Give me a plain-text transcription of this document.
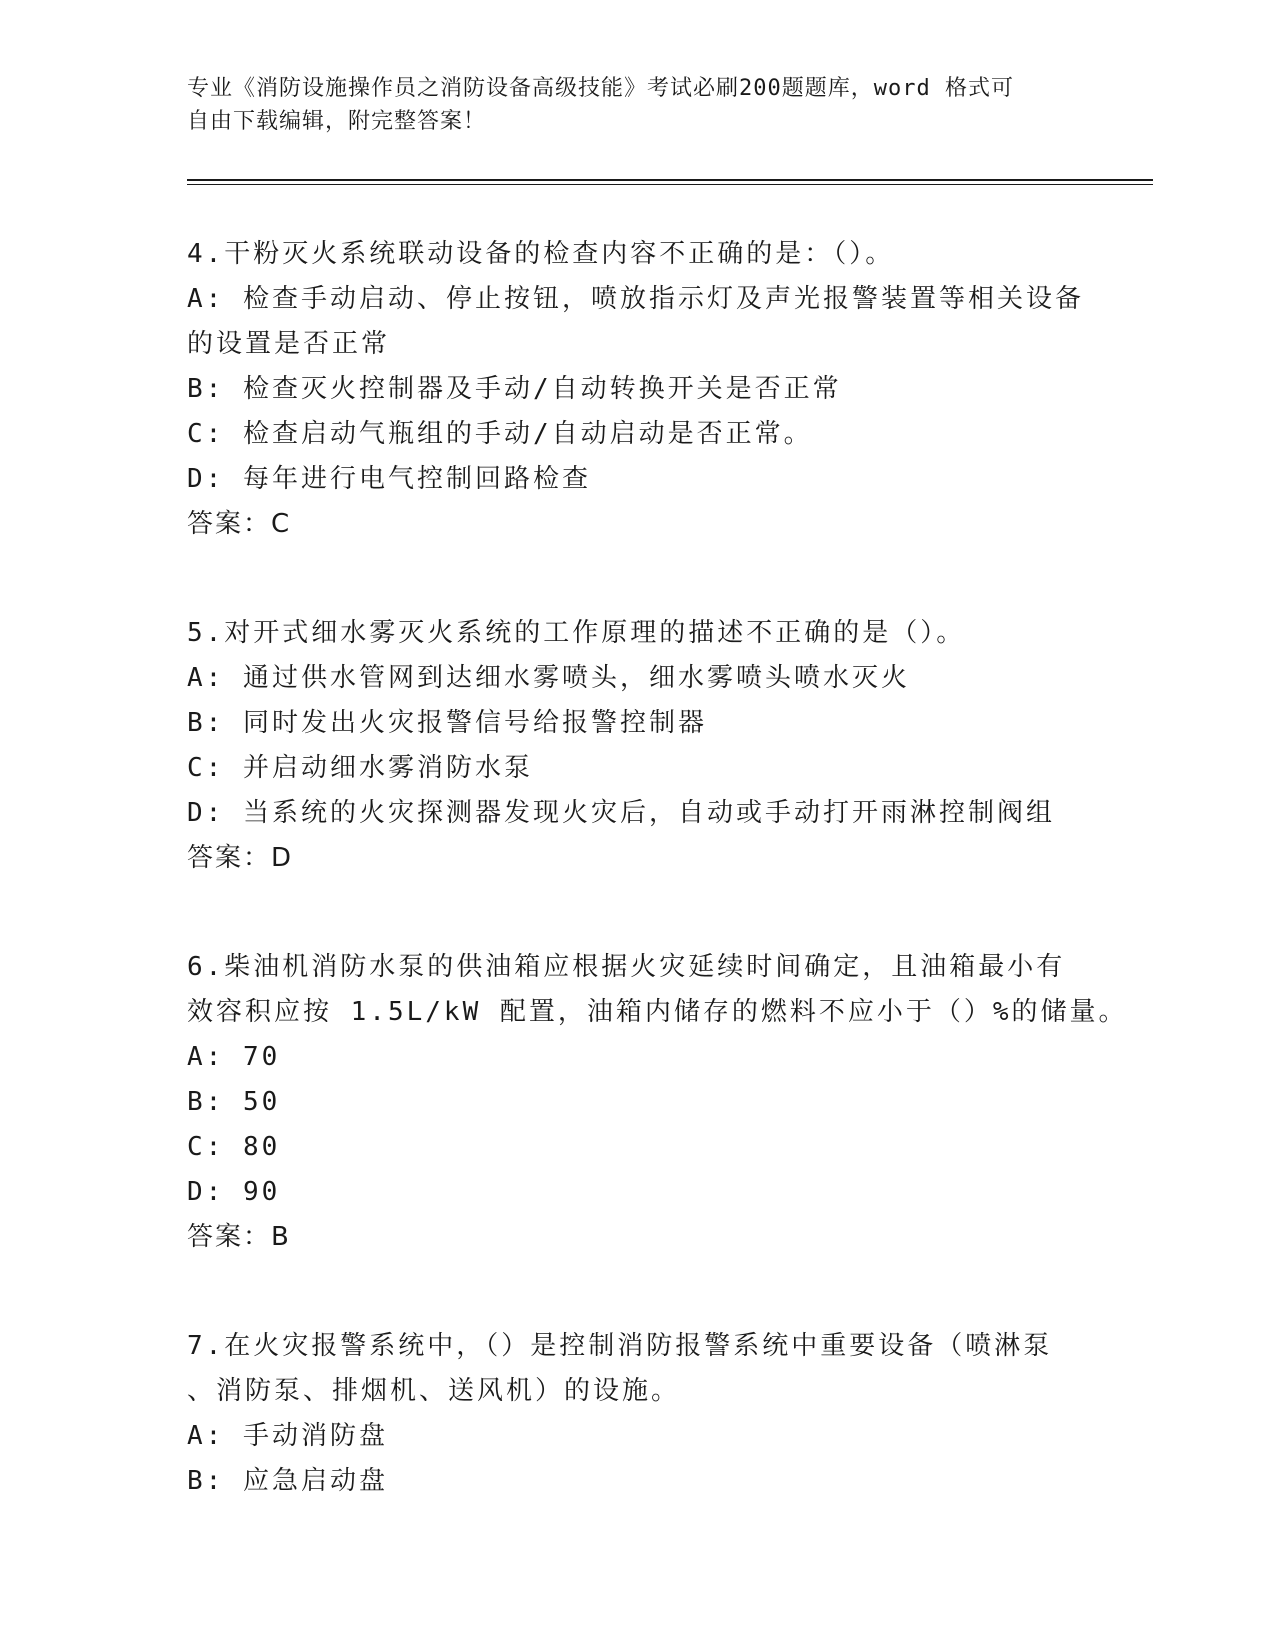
专业《消防设施操作员之消防设备高级技能》考试必刷200题题库，word 格式可
自由下载编辑，附完整答案！
4.干粉灭火系统联动设备的检查内容不正确的是：（）。
A: 检查手动启动、停止按钮，喷放指示灯及声光报警装置等相关设备
的设置是否正常
B: 检查灭火控制器及手动/自动转换开关是否正常
C: 检查启动气瓶组的手动/自动启动是否正常。
D: 每年进行电气控制回路检查
答案：C
5.对开式细水雾灭火系统的工作原理的描述不正确的是（）。
A: 通过供水管网到达细水雾喷头，细水雾喷头喷水灭火
B: 同时发出火灾报警信号给报警控制器
C: 并启动细水雾消防水泵
D: 当系统的火灾探测器发现火灾后，自动或手动打开雨淋控制阀组
答案：D
6.柴油机消防水泵的供油箱应根据火灾延续时间确定，且油箱最小有
效容积应按 1.5L/kW 配置，油箱内储存的燃料不应小于（）%的储量。
A: 70
B: 50
C: 80
D: 90
答案：B
7.在火灾报警系统中，（）是控制消防报警系统中重要设备（喷淋泵
、消防泵、排烟机、送风机）的设施。
A: 手动消防盘
B: 应急启动盘
